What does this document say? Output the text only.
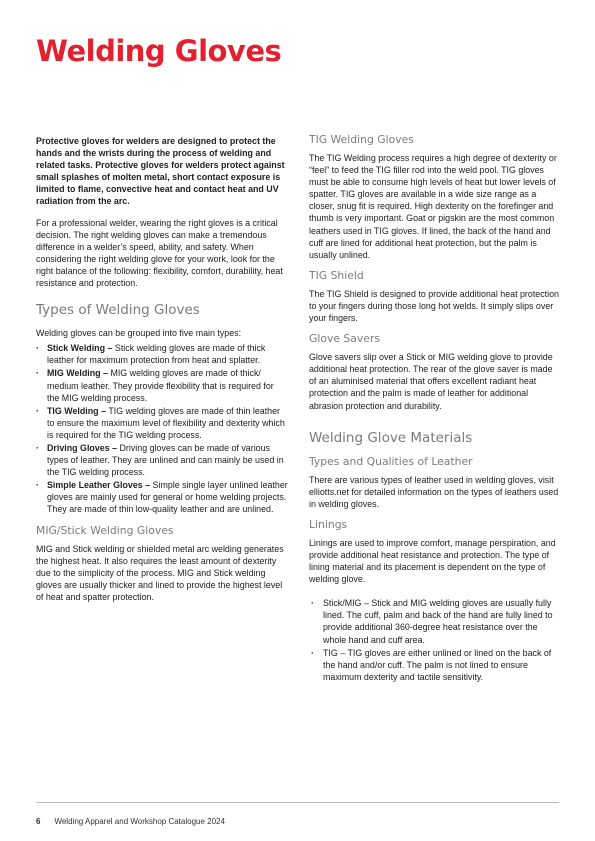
Welding Gloves

Protective gloves for welders are designed to protect the hands and the wrists during the process of welding and related tasks. Protective gloves for welders protect against small splashes of molten metal, short contact exposure is limited to flame, convective heat and contact heat and UV radiation from the arc.

For a professional welder, wearing the right gloves is a critical decision. The right welding gloves can make a tremendous difference in a welder’s speed, ability, and safety. When considering the right welding glove for your work, look for the right balance of the following: flexibility, comfort, durability, heat resistance and protection.

Types of Welding Gloves

Welding gloves can be grouped into five main types:

· Stick Welding – Stick welding gloves are made of thick leather for maximum protection from heat and splatter.
· MIG Welding – MIG welding gloves are made of thick/ medium leather. They provide flexibility that is required for the MIG welding process.
· TIG Welding – TIG welding gloves are made of thin leather to ensure the maximum level of flexibility and dexterity which is required for the TIG welding process.
· Driving Gloves – Driving gloves can be made of various types of leather. They are unlined and can mainly be used in the TIG welding process.
· Simple Leather Gloves – Simple single layer unlined leather gloves are mainly used for general or home welding projects. They are made of thin low-quality leather and are unlined.
MIG/Stick Welding Gloves

MIG and Stick welding or shielded metal arc welding generates the highest heat. It also requires the least amount of dexterity due to the simplicity of the process. MIG and Stick welding gloves are usually thicker and lined to provide the highest level of heat and spatter protection.

TIG Welding Gloves

The TIG Welding process requires a high degree of dexterity or “feel” to feed the TIG filler rod into the weld pool. TIG gloves must be able to consume high levels of heat but lower levels of spatter. TIG gloves are available in a wide size range as a closer, snug fit is required. High dexterity on the forefinger and thumb is very important. Goat or pigskin are the most common leathers used in TIG gloves. If lined, the back of the hand and cuff are lined for additional heat protection, but the palm is usually unlined.

TIG Shield

The TIG Shield is designed to provide additional heat protection to your fingers during those long hot welds. It simply slips over your fingers.

Glove Savers

Glove savers slip over a Stick or MIG welding glove to provide additional heat protection. The rear of the glove saver is made of an aluminised material that offers excellent radiant heat protection and the palm is made of leather for additional abrasion protection and durability.

Welding Glove Materials
Types and Qualities of Leather

There are various types of leather used in welding gloves, visit elliotts.net for detailed information on the types of leathers used in welding gloves.

Linings

Linings are used to improve comfort, manage perspiration, and provide additional heat resistance and protection. The type of lining material and its placement is dependent on the type of welding glove.

· Stick/MIG – Stick and MIG welding gloves are usually fully lined. The cuff, palm and back of the hand are fully lined to provide additional 360-degree heat resistance over the whole hand and cuff area.
· TIG – TIG gloves are either unlined or lined on the back of the hand and/or cuff. The palm is not lined to ensure maximum dexterity and tactile sensitivity.
6 Welding Apparel and Workshop Catalogue 2024
